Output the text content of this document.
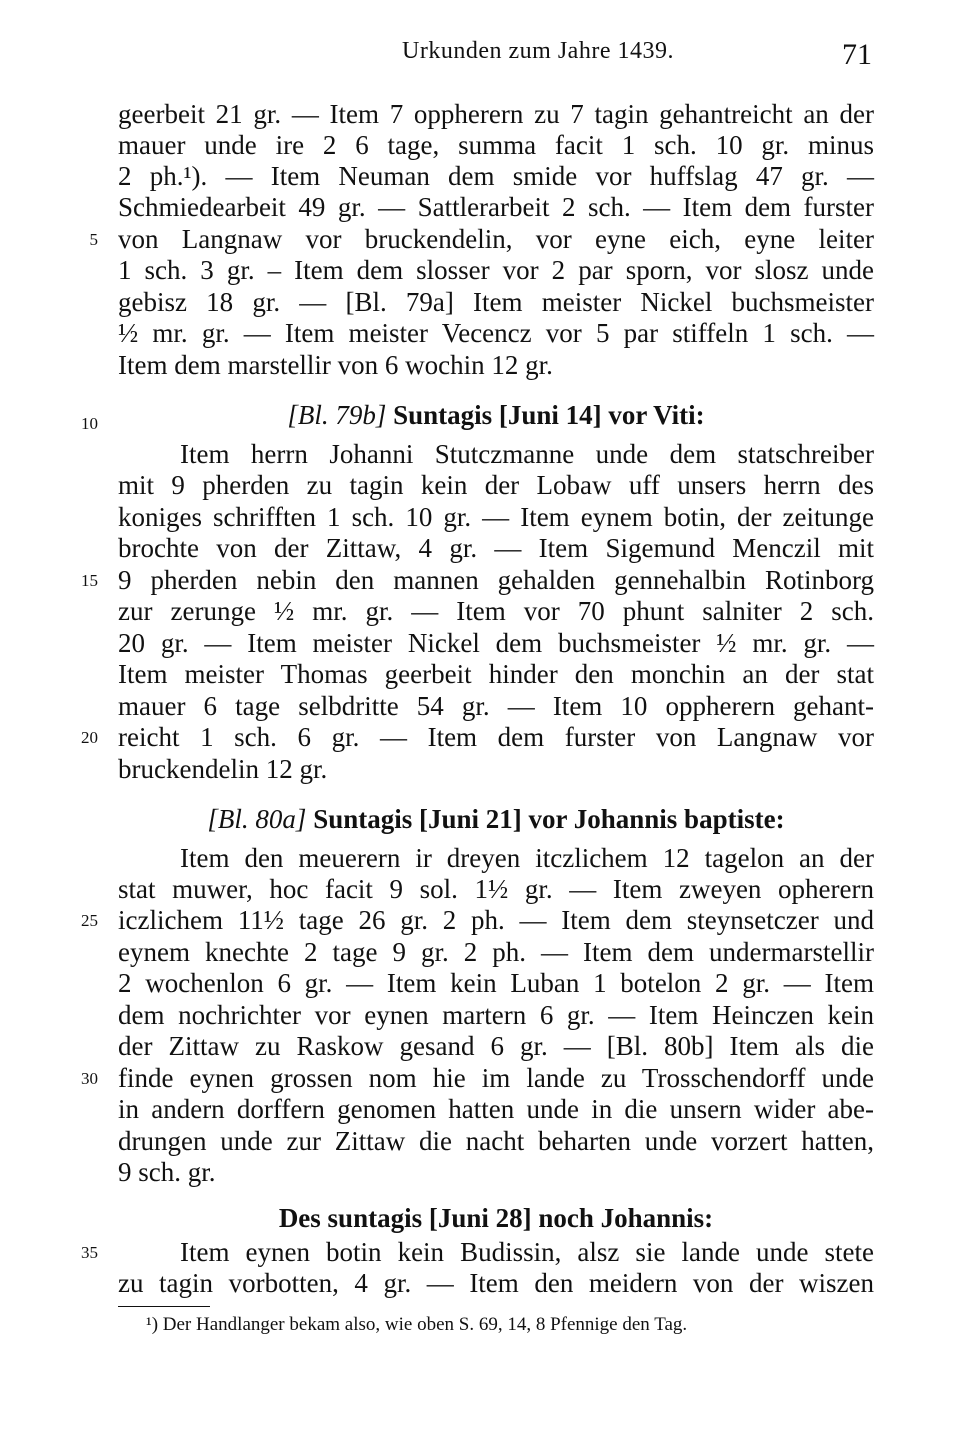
Urkunden zum Jahre 1439.	71
geerbeit 21 gr. — Item 7 oppherern zu 7 tagin gehantreicht an der
mauer unde ire 2 6 tage, summa facit 1 sch. 10 gr. minus
2 ph.¹). — Item Neuman dem smide vor huffslag 47 gr. —
Schmiedearbeit 49 gr. — Sattlerarbeit 2 sch. — Item dem furster
von Langnaw vor bruckendelin, vor eyne eich, eyne leiter
1 sch. 3 gr. – Item dem slosser vor 2 par sporn, vor slosz unde
gebisz 18 gr. — [Bl. 79a] Item meister Nickel buchsmeister
½ mr. gr. — Item meister Vecencz vor 5 par stiffeln 1 sch. —
Item dem marstellir von 6 wochin 12 gr.
[Bl. 79b] Suntagis [Juni 14] vor Viti:
Item herrn Johanni Stutczmanne unde dem statschreiber
mit 9 pherden zu tagin kein der Lobaw uff unsers herrn des
koniges schrifften 1 sch. 10 gr. — Item eynem botin, der zeitunge
brochte von der Zittaw, 4 gr. — Item Sigemund Menczil mit
9 pherden nebin den mannen gehalden gennehalbin Rotinborg
zur zerunge ½ mr. gr. — Item vor 70 phunt salniter 2 sch.
20 gr. — Item meister Nickel dem buchsmeister ½ mr. gr. —
Item meister Thomas geerbeit hinder den monchin an der stat
mauer 6 tage selbdritte 54 gr. — Item 10 oppherern gehant-
reicht 1 sch. 6 gr. — Item dem furster von Langnaw vor
bruckendelin 12 gr.
[Bl. 80a] Suntagis [Juni 21] vor Johannis baptiste:
Item den meuerern ir dreyen itczlichem 12 tagelon an der
stat muwer, hoc facit 9 sol. 1½ gr. — Item zweyen opherern
iczlichem 11½ tage 26 gr. 2 ph. — Item dem steynsetczer und
eynem knechte 2 tage 9 gr. 2 ph. — Item dem undermarstellir
2 wochenlon 6 gr. — Item kein Luban 1 botelon 2 gr. — Item
dem nochrichter vor eynen martern 6 gr. — Item Heinczen kein
der Zittaw zu Raskow gesand 6 gr. — [Bl. 80b] Item als die
finde eynen grossen nom hie im lande zu Trosschendorff unde
in andern dorffern genomen hatten unde in die unsern wider abe-
drungen unde zur Zittaw die nacht beharten unde vorzert hatten,
9 sch. gr.
Des suntagis [Juni 28] noch Johannis:
Item eynen botin kein Budissin, alsz sie lande unde stete
zu tagin vorbotten, 4 gr. — Item den meidern von der wiszen
5
10
15
20
25
30
35
¹) Der Handlanger bekam also, wie oben S. 69, 14, 8 Pfennige den Tag.
